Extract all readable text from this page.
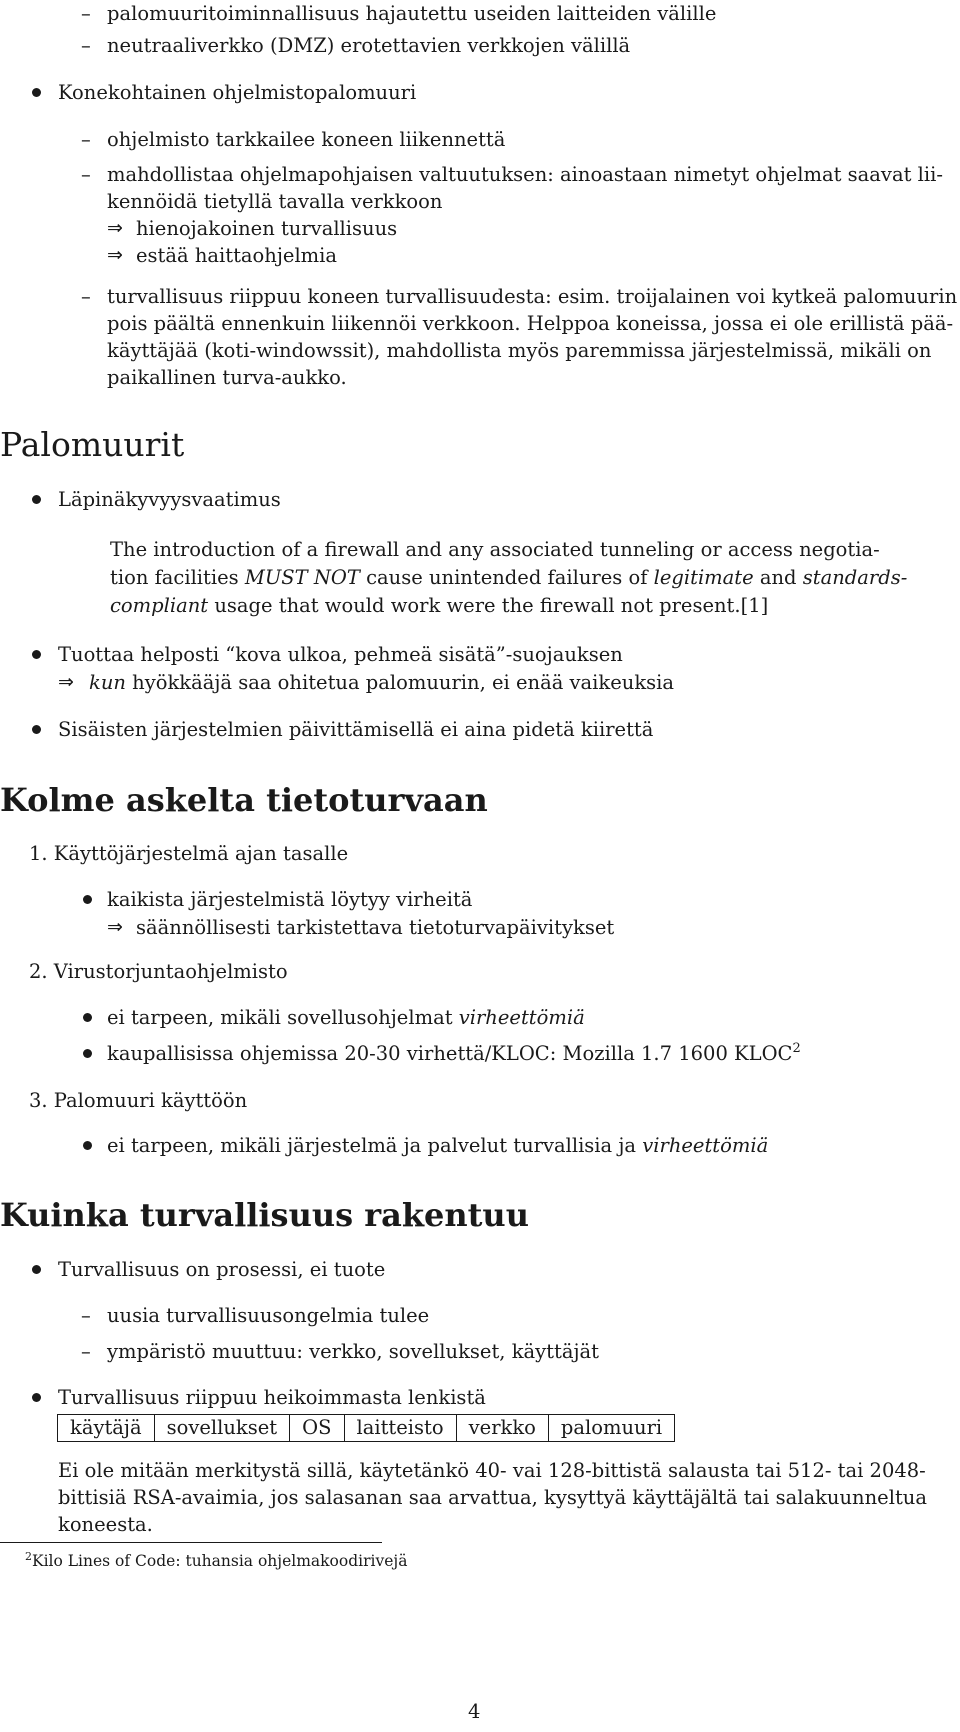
– palomuuritoiminnallisuus hajautettu useiden laitteiden välille
– neutraaliverkko (DMZ) erotettavien verkkojen välillä
Konekohtainen ohjelmistopalomuuri
– ohjelmisto tarkkailee koneen liikennettä
– mahdollistaa ohjelmapohjaisen valtuutuksen: ainoastaan nimetyt ohjelmat saavat lii-
kennöidä tietyllä tavalla verkkoon
⇒ hienojakoinen turvallisuus
⇒ estää haittaohjelmia
– turvallisuus riippuu koneen turvallisuudesta: esim. troijalainen voi kytkeä palomuurin
pois päältä ennenkuin liikennöi verkkoon. Helppoa koneissa, jossa ei ole erillistä pää-
käyttäjää (koti-windowssit), mahdollista myös paremmissa järjestelmissä, mikäli on
paikallinen turva-aukko.
Palomuurit
Läpinäkyvyysvaatimus
The introduction of a firewall and any associated tunneling or access negotia-
tion facilities MUST NOT cause unintended failures of legitimate and standards-
compliant usage that would work were the firewall not present.[1]
Tuottaa helposti “kova ulkoa, pehmeä sisätä”-suojauksen
⇒ kun hyökkääjä saa ohitetua palomuurin, ei enää vaikeuksia
Sisäisten järjestelmien päivittämisellä ei aina pidetä kiirettä
Kolme askelta tietoturvaan
1. Käyttöjärjestelmä ajan tasalle
kaikista järjestelmistä löytyy virheitä
⇒ säännöllisesti tarkistettava tietoturvapäivitykset
2. Virustorjuntaohjelmisto
ei tarpeen, mikäli sovellusohjelmat virheettömiä
kaupallisissa ohjemissa 20-30 virhettä/KLOC: Mozilla 1.7 1600 KLOC$^2$
3. Palomuuri käyttöön
ei tarpeen, mikäli järjestelmä ja palvelut turvallisia ja virheettömiä
Kuinka turvallisuus rakentuu
Turvallisuus on prosessi, ei tuote
– uusia turvallisuusongelmia tulee
– ympäristö muuttuu: verkko, sovellukset, käyttäjät
Turvallisuus riippuu heikoimmasta lenkistä
käytäjä	sovellukset	OS	laitteisto	verkko	palomuuri
Ei ole mitään merkitystä sillä, käytetänkö 40- vai 128-bittistä salausta tai 512- tai 2048-
bittisiä RSA-avaimia, jos salasanan saa arvattua, kysyttyä käyttäjältä tai salakuunneltua
koneesta.
$^2$Kilo Lines of Code: tuhansia ohjelmakoodirivejä
4
